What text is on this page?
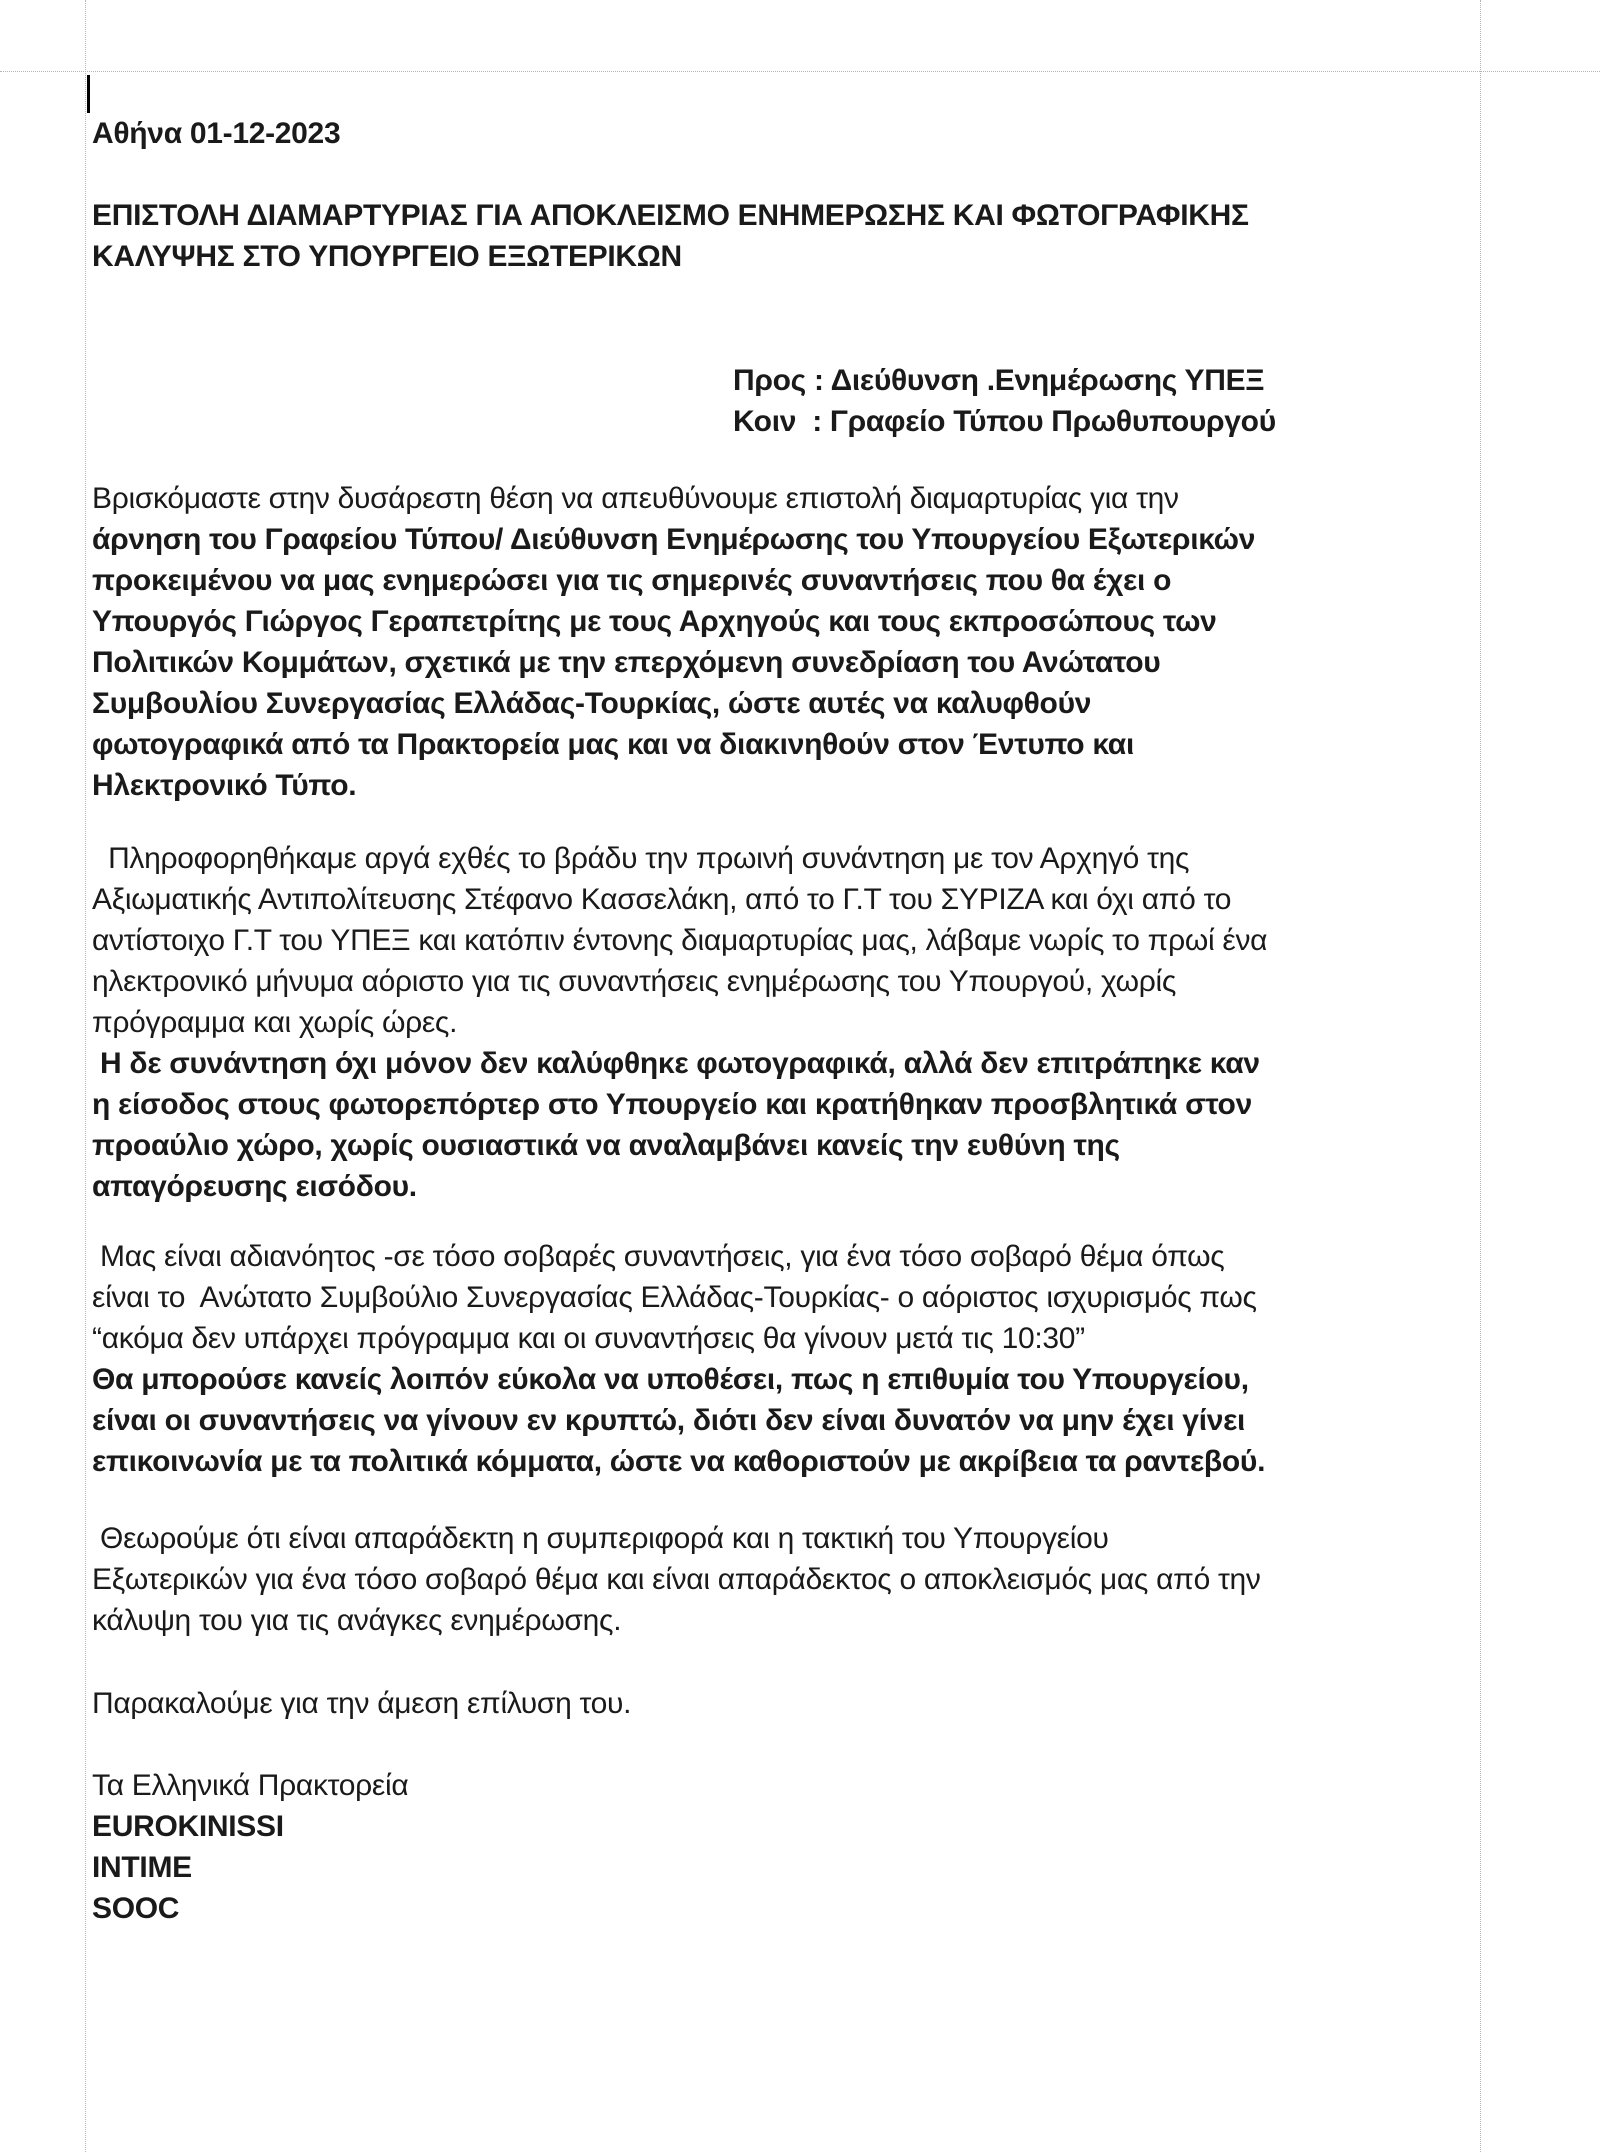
Αθήνα 01-12-2023
ΕΠΙΣΤΟΛΗ ΔΙΑΜΑΡΤΥΡΙΑΣ ΓΙΑ ΑΠΟΚΛΕΙΣΜΟ ΕΝΗΜΕΡΩΣΗΣ ΚΑΙ ΦΩΤΟΓΡΑΦΙΚΗΣ
ΚΑΛΥΨΗΣ ΣΤΟ ΥΠΟΥΡΓΕΙΟ ΕΞΩΤΕΡΙΚΩΝ
Προς : Διεύθυνση .Ενημέρωσης ΥΠΕΞ
Κοιν  : Γραφείο Τύπου Πρωθυπουργού
Βρισκόμαστε στην δυσάρεστη θέση να απευθύνουμε επιστολή διαμαρτυρίας για την
άρνηση του Γραφείου Τύπου/ Διεύθυνση Ενημέρωσης του Υπουργείου Εξωτερικών
προκειμένου να μας ενημερώσει για τις σημερινές συναντήσεις που θα έχει ο
Υπουργός Γιώργος Γεραπετρίτης με τους Αρχηγούς και τους εκπροσώπους των
Πολιτικών Κομμάτων, σχετικά με την επερχόμενη συνεδρίαση του Ανώτατου
Συμβουλίου Συνεργασίας Ελλάδας-Τουρκίας, ώστε αυτές να καλυφθούν
φωτογραφικά από τα Πρακτορεία μας και να διακινηθούν στον Έντυπο και
Ηλεκτρονικό Τύπο.
Πληροφορηθήκαμε αργά εχθές το βράδυ την πρωινή συνάντηση με τον Αρχηγό της
Αξιωματικής Αντιπολίτευσης Στέφανο Κασσελάκη, από το Γ.Τ του ΣΥΡΙΖΑ και όχι από το
αντίστοιχο Γ.Τ του ΥΠΕΞ και κατόπιν έντονης διαμαρτυρίας μας, λάβαμε νωρίς το πρωί ένα
ηλεκτρονικό μήνυμα αόριστο για τις συναντήσεις ενημέρωσης του Υπουργού, χωρίς
πρόγραμμα και χωρίς ώρες.
Η δε συνάντηση όχι μόνον δεν καλύφθηκε φωτογραφικά, αλλά δεν επιτράπηκε καν
η είσοδος στους φωτορεπόρτερ στο Υπουργείο και κρατήθηκαν προσβλητικά στον
προαύλιο χώρο, χωρίς ουσιαστικά να αναλαμβάνει κανείς την ευθύνη της
απαγόρευσης εισόδου.
Μας είναι αδιανόητος -σε τόσο σοβαρές συναντήσεις, για ένα τόσο σοβαρό θέμα όπως
είναι το  Ανώτατο Συμβούλιο Συνεργασίας Ελλάδας-Τουρκίας- ο αόριστος ισχυρισμός πως
“ακόμα δεν υπάρχει πρόγραμμα και οι συναντήσεις θα γίνουν μετά τις 10:30”
Θα μπορούσε κανείς λοιπόν εύκολα να υποθέσει, πως η επιθυμία του Υπουργείου,
είναι οι συναντήσεις να γίνουν εν κρυπτώ, διότι δεν είναι δυνατόν να μην έχει γίνει
επικοινωνία με τα πολιτικά κόμματα, ώστε να καθοριστούν με ακρίβεια τα ραντεβού.
Θεωρούμε ότι είναι απαράδεκτη η συμπεριφορά και η τακτική του Υπουργείου
Εξωτερικών για ένα τόσο σοβαρό θέμα και είναι απαράδεκτος ο αποκλεισμός μας από την
κάλυψη του για τις ανάγκες ενημέρωσης.
Παρακαλούμε για την άμεση επίλυση του.
Τα Ελληνικά Πρακτορεία
EUROKINISSI
INTIME
SOOC
